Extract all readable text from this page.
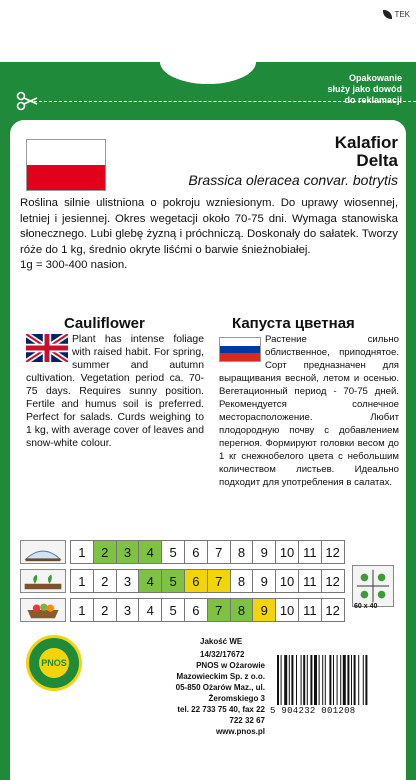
TEK
Opakowanie
służy jako dowód
do reklamacji
Kalafior
Delta
Brassica oleracea convar. botrytis
Roślina silnie ulistniona o pokroju wzniesionym. Do uprawy wiosennej, letniej i jesiennej. Okres wegetacji około 70-75 dni. Wymaga stanowiska słonecznego. Lubi glebę żyzną i próchniczą. Doskonały do sałatek. Tworzy róże do 1 kg, średnio okryte liśćmi o barwie śnieżnobiałej.
1g = 300-400 nasion.
Cauliflower	Капуста цветная
Plant has intense foliage with raised habit. For spring, summer and autumn cultivation. Vegetation period ca. 70-75 days. Requires sunny position. Fertile and humus soil is preferred. Perfect for salads. Curds weighing to 1 kg, with average cover of leaves and snow-white colour.
Растение сильно облиственное, приподнятое. Сорт предназначен для выращивания весной, летом и осенью. Вегетационный период - 70-75 дней. Рекомендуется солнечное месторасположение. Любит плодородную почву с добавлением перегноя. Формируют головки весом до 1 кг снежнобелого цвета с небольшим количеством листьев. Идеально подходит для употребления в салатах.
1	2	3	4	5	6	7	8	9 10 11 12
1	2	3	4	5	6	7	8	9 10 11 12
1	2	3	4	5	6	7	8	9 10 11 12	60 x 40
PNOS
Jakość WE
14/32/17672
PNOS w Ożarowie Mazowieckim Sp. z o.o.
05-850 Ożarów Maz., ul. Żeromskiego 3
tel. 22 733 75 40, fax 22 722 32 67
www.pnos.pl
5 904232 001208
